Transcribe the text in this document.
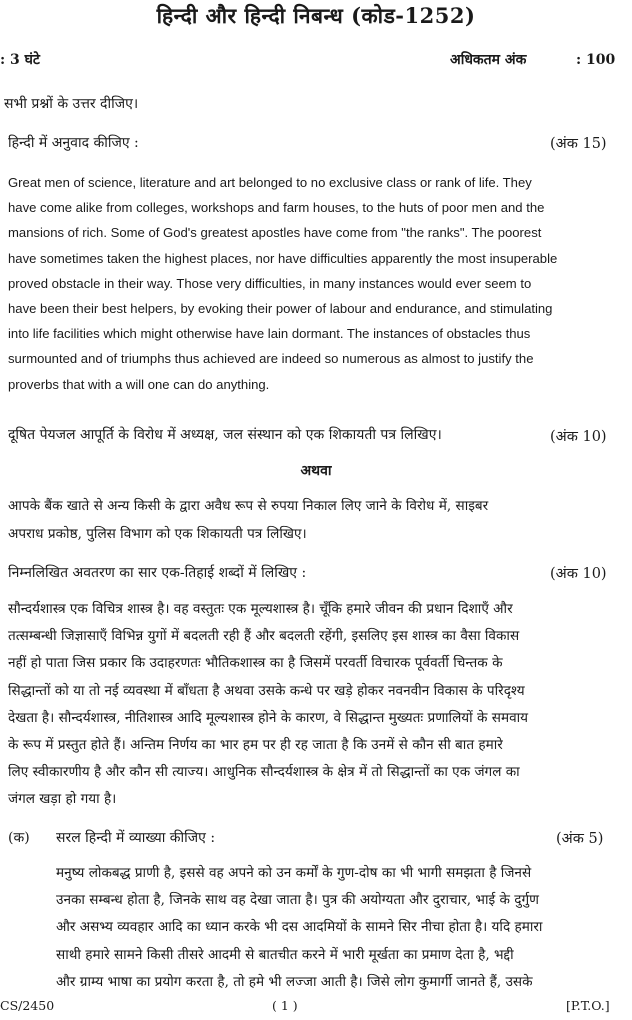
हिन्दी और हिन्दी निबन्ध (कोड-1252)
: 3 घंटे	अधिकतम अंक	: 100
सभी प्रश्नों के उत्तर दीजिए।
हिन्दी में अनुवाद कीजिए :	(अंक 15)
Great men of science, literature and art belonged to no exclusive class or rank of life. They
have come alike from colleges, workshops and farm houses, to the huts of poor men and the
mansions of rich. Some of God's greatest apostles have come from "the ranks". The poorest
have sometimes taken the highest places, nor have difficulties apparently the most insuperable
proved obstacle in their way. Those very difficulties, in many instances would ever seem to
have been their best helpers, by evoking their power of labour and endurance, and stimulating
into life facilities which might otherwise have lain dormant. The instances of obstacles thus
surmounted and of triumphs thus achieved are indeed so numerous as almost to justify the
proverbs that with a will one can do anything.
दूषित पेयजल आपूर्ति के विरोध में अध्यक्ष, जल संस्थान को एक शिकायती पत्र लिखिए।	(अंक 10)
अथवा
आपके बैंक खाते से अन्य किसी के द्वारा अवैध रूप से रुपया निकाल लिए जाने के विरोध में, साइबर
अपराध प्रकोष्ठ, पुलिस विभाग को एक शिकायती पत्र लिखिए।
निम्नलिखित अवतरण का सार एक-तिहाई शब्दों में लिखिए :	(अंक 10)
सौन्दर्यशास्त्र एक विचित्र शास्त्र है। वह वस्तुतः एक मूल्यशास्त्र है। चूँकि हमारे जीवन की प्रधान दिशाएँ और
तत्सम्बन्धी जिज्ञासाएँ विभिन्न युगों में बदलती रही हैं और बदलती रहेंगी, इसलिए इस शास्त्र का वैसा विकास
नहीं हो पाता जिस प्रकार कि उदाहरणतः भौतिकशास्त्र का है जिसमें परवर्ती विचारक पूर्ववर्ती चिन्तक के
सिद्धान्तों को या तो नई व्यवस्था में बाँधता है अथवा उसके कन्धे पर खड़े होकर नवनवीन विकास के परिदृश्य
देखता है। सौन्दर्यशास्त्र, नीतिशास्त्र आदि मूल्यशास्त्र होने के कारण, वे सिद्धान्त मुख्यतः प्रणालियों के समवाय
के रूप में प्रस्तुत होते हैं। अन्तिम निर्णय का भार हम पर ही रह जाता है कि उनमें से कौन सी बात हमारे
लिए स्वीकारणीय है और कौन सी त्याज्य। आधुनिक सौन्दर्यशास्त्र के क्षेत्र में तो सिद्धान्तों का एक जंगल का
जंगल खड़ा हो गया है।
(क) सरल हिन्दी में व्याख्या कीजिए :	(अंक 5)
मनुष्य लोकबद्ध प्राणी है, इससे वह अपने को उन कर्मों के गुण-दोष का भी भागी समझता है जिनसे
उनका सम्बन्ध होता है, जिनके साथ वह देखा जाता है। पुत्र की अयोग्यता और दुराचार, भाई के दुर्गुण
और असभ्य व्यवहार आदि का ध्यान करके भी दस आदमियों के सामने सिर नीचा होता है। यदि हमारा
साथी हमारे सामने किसी तीसरे आदमी से बातचीत करने में भारी मूर्खता का प्रमाण देता है, भद्दी
और ग्राम्य भाषा का प्रयोग करता है, तो हमे भी लज्जा आती है। जिसे लोग कुमार्गी जानते हैं, उसके
CS/2450	( 1 )	[P.T.O.]
